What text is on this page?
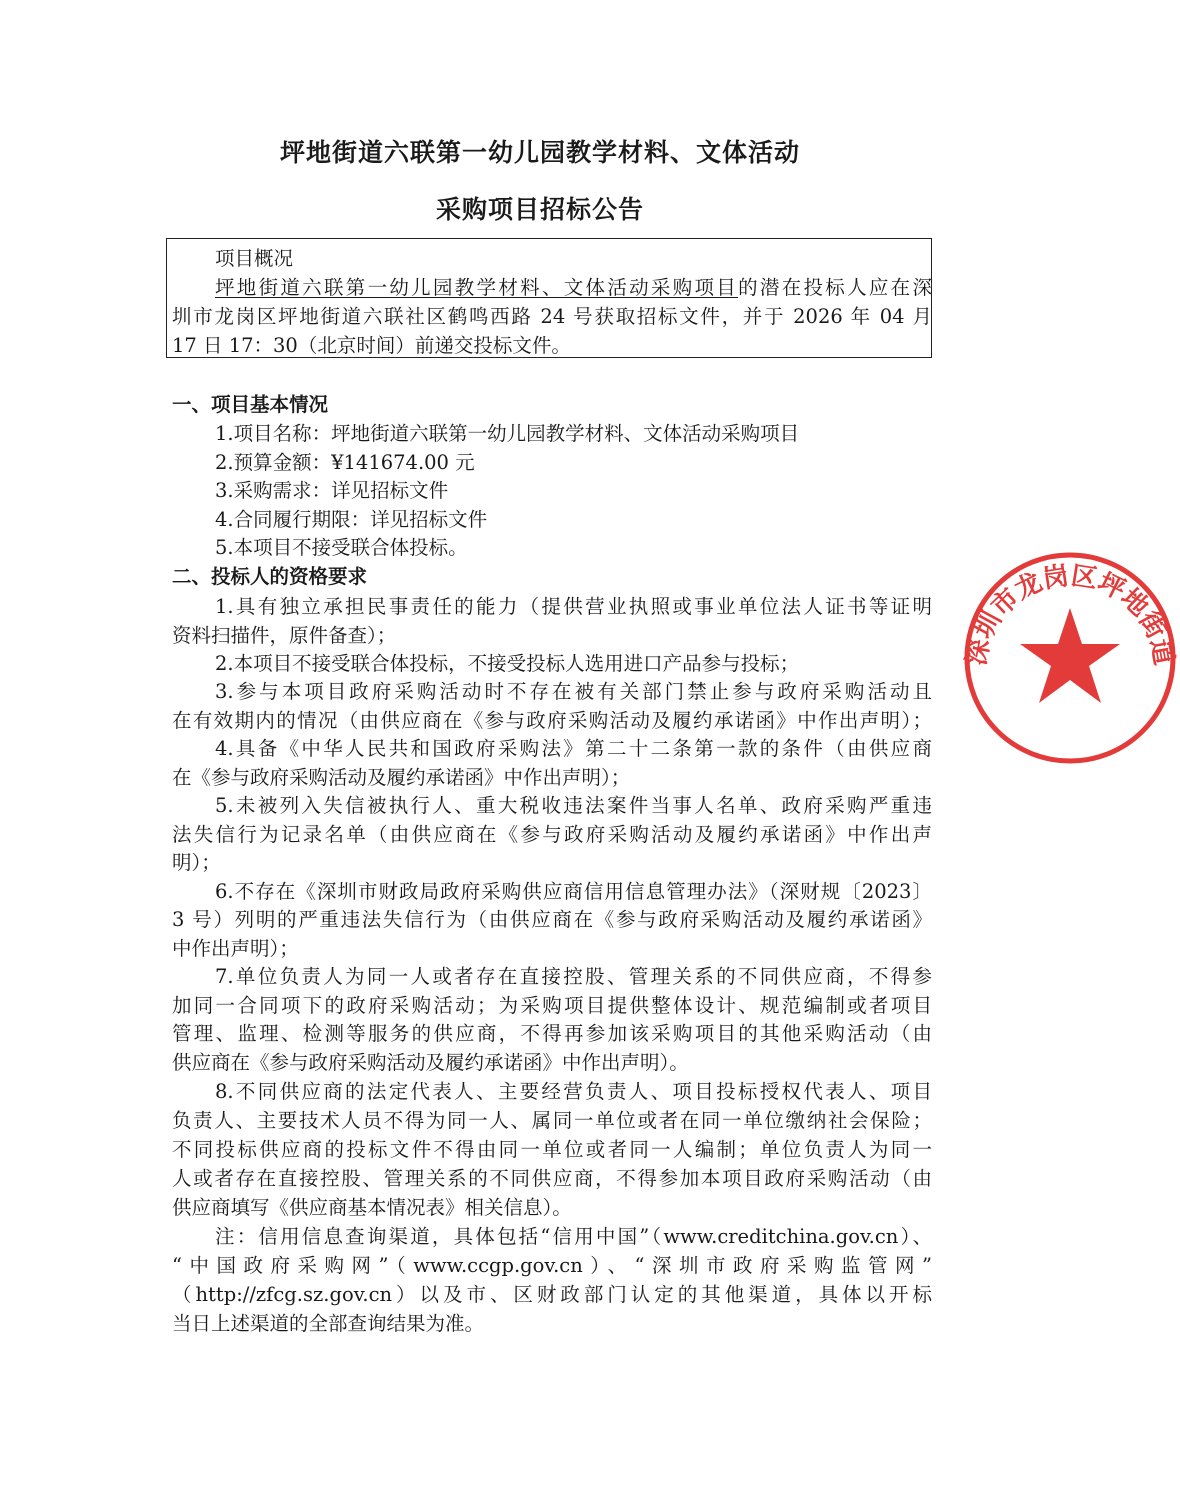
坪地街道六联第一幼儿园教学材料、文体活动
采购项目招标公告
项目概况
坪地街道六联第一幼儿园教学材料、文体活动采购项目的潜在投标人应在深
圳市龙岗区坪地街道六联社区鹤鸣西路 24 号获取招标文件，并于 2026 年 04 月
17 日 17：30（北京时间）前递交投标文件。
一、项目基本情况
1.项目名称：坪地街道六联第一幼儿园教学材料、文体活动采购项目
2.预算金额：¥141674.00 元
3.采购需求：详见招标文件
4.合同履行期限：详见招标文件
5.本项目不接受联合体投标。
二、投标人的资格要求
1.具有独立承担民事责任的能力（提供营业执照或事业单位法人证书等证明
资料扫描件，原件备查）；
2.本项目不接受联合体投标，不接受投标人选用进口产品参与投标；
3.参与本项目政府采购活动时不存在被有关部门禁止参与政府采购活动且
在有效期内的情况（由供应商在《参与政府采购活动及履约承诺函》中作出声明）；
4.具备《中华人民共和国政府采购法》第二十二条第一款的条件（由供应商
在《参与政府采购活动及履约承诺函》中作出声明）；
5.未被列入失信被执行人、重大税收违法案件当事人名单、政府采购严重违
法失信行为记录名单（由供应商在《参与政府采购活动及履约承诺函》中作出声
明）；
6.不存在《深圳市财政局政府采购供应商信用信息管理办法》（深财规〔2023〕
3 号）列明的严重违法失信行为（由供应商在《参与政府采购活动及履约承诺函》
中作出声明）；
7.单位负责人为同一人或者存在直接控股、管理关系的不同供应商，不得参
加同一合同项下的政府采购活动；为采购项目提供整体设计、规范编制或者项目
管理、监理、检测等服务的供应商，不得再参加该采购项目的其他采购活动（由
供应商在《参与政府采购活动及履约承诺函》中作出声明）。
8.不同供应商的法定代表人、主要经营负责人、项目投标授权代表人、项目
负责人、主要技术人员不得为同一人、属同一单位或者在同一单位缴纳社会保险；
不同投标供应商的投标文件不得由同一单位或者同一人编制；单位负责人为同一
人或者存在直接控股、管理关系的不同供应商，不得参加本项目政府采购活动（由
供应商填写《供应商基本情况表》相关信息）。
注：信用信息查询渠道，具体包括“信用中国”（www.creditchina.gov.cn）、
“中国政府采购网”（www.ccgp.gov.cn）、“深圳市政府采购监管网”
（http://zfcg.sz.gov.cn）以及市、区财政部门认定的其他渠道，具体以开标
当日上述渠道的全部查询结果为准。
深圳市龙岗区坪地街道
